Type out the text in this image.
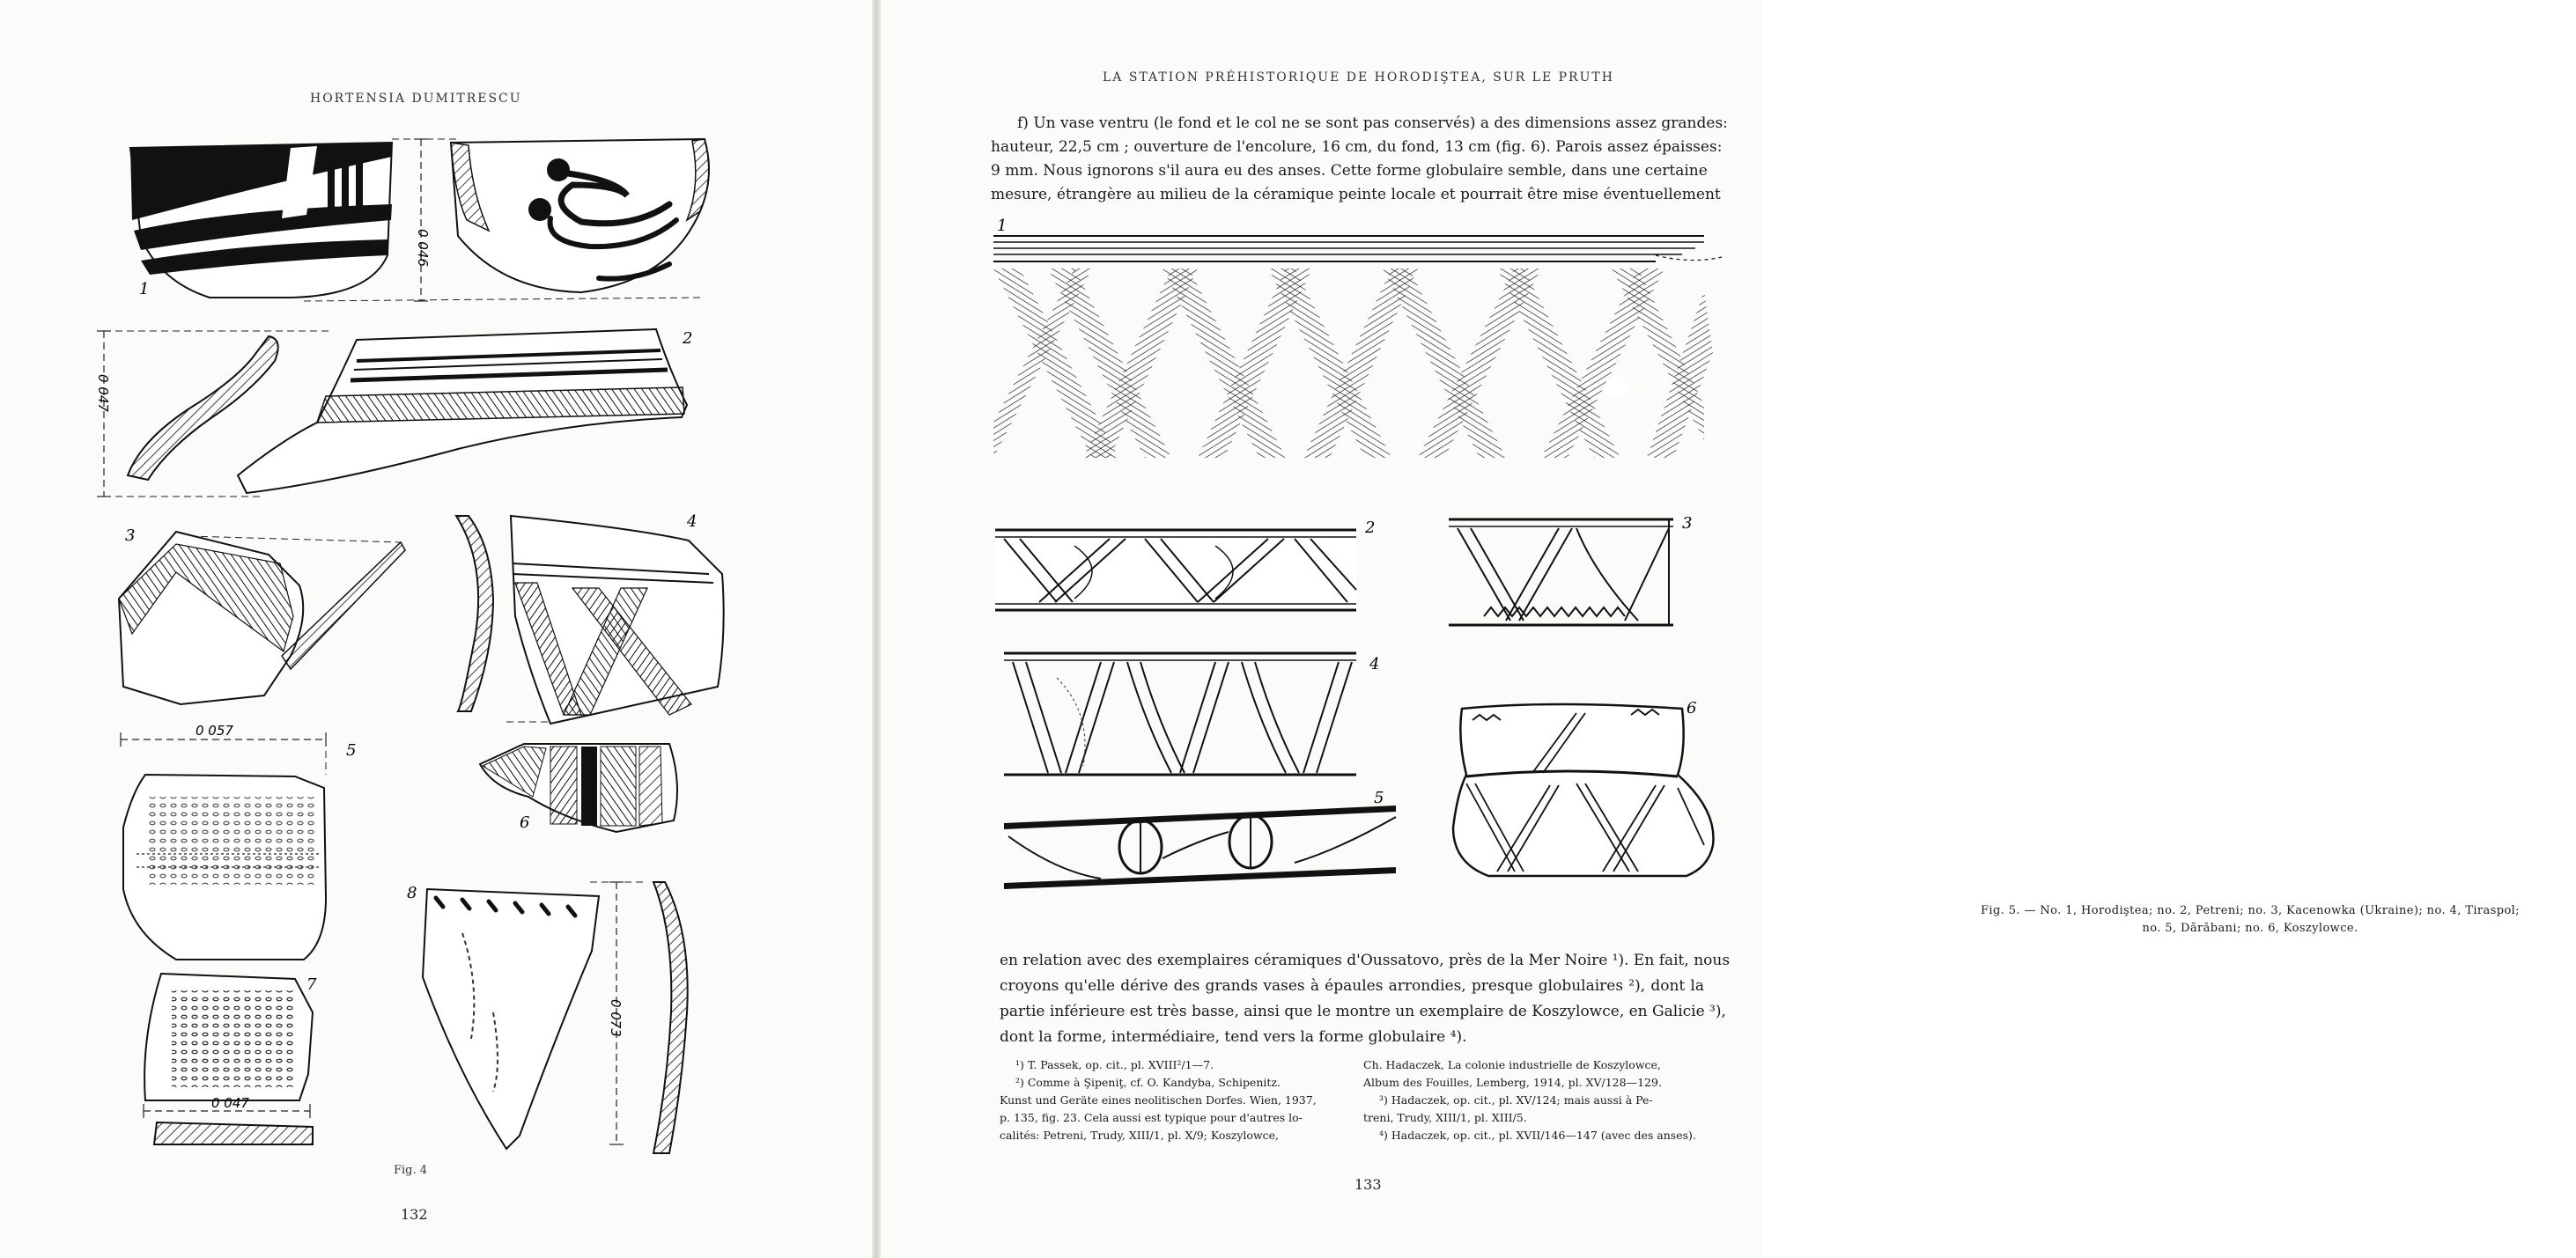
HORTENSIA DUMITRESCU
1
0 046
0 047
2
3
4
0 057
5
6
7
0 047
8
0 073
Fig. 4
132
LA STATION PRÉHISTORIQUE DE HORODIŞTEA, SUR LE PRUTH
f) Un vase ventru (le fond et le col ne se sont pas conservés) a des dimensions assez grandes:
hauteur, 22,5 cm ; ouverture de l'encolure, 16 cm, du fond, 13 cm (fig. 6). Parois assez épaisses:
9 mm. Nous ignorons s'il aura eu des anses. Cette forme globulaire semble, dans une certaine
mesure, étrangère au milieu de la céramique peinte locale et pourrait être mise éventuellement
1
2	3
4
5
6
Fig. 5. — No. 1, Horodiştea; no. 2, Petreni; no. 3, Kacenowka (Ukraine); no. 4, Tiraspol;
no. 5, Dărăbani; no. 6, Koszylowce.
en relation avec des exemplaires céramiques d'Oussatovo, près de la Mer Noire ¹). En fait, nous
croyons qu'elle dérive des grands vases à épaules arrondies, presque globulaires ²), dont la
partie inférieure est très basse, ainsi que le montre un exemplaire de Koszylowce, en Galicie ³),
dont la forme, intermédiaire, tend vers la forme globulaire ⁴).
¹) T. Passek, op. cit., pl. XVIII²/1—7.
²) Comme à Şipeniţ, cf. O. Kandyba, Schipenitz.
Kunst und Geräte eines neolitischen Dorfes. Wien, 1937,
p. 135, fig. 23. Cela aussi est typique pour d'autres lo-
calités: Petreni, Trudy, XIII/1, pl. X/9; Koszylowce,
Ch. Hadaczek, La colonie industrielle de Koszylowce,
Album des Fouilles, Lemberg, 1914, pl. XV/128—129.
³) Hadaczek, op. cit., pl. XV/124; mais aussi à Pe-
treni, Trudy, XIII/1, pl. XIII/5.
⁴) Hadaczek, op. cit., pl. XVII/146—147 (avec des anses).
133
